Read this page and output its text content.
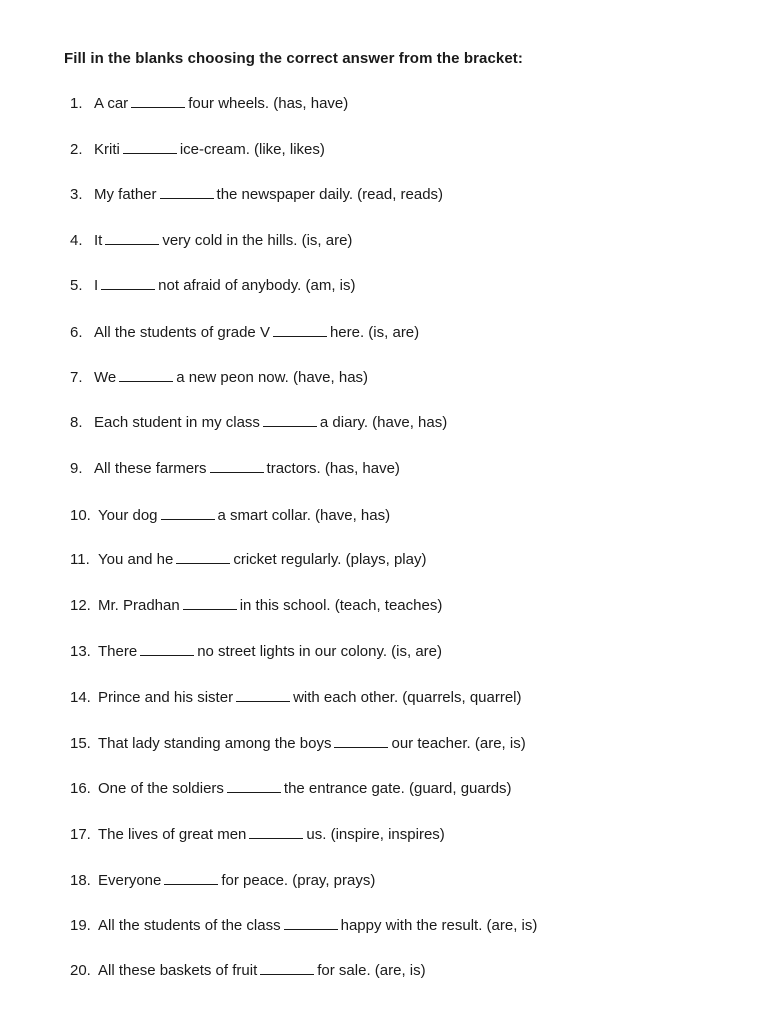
Fill in the blanks choosing the correct answer from the bracket:
1. A car	four wheels. (has, have)
2. Kriti	ice-cream. (like, likes)
3. My father	the newspaper daily. (read, reads)
4. It	very cold in the hills. (is, are)
5. I	not afraid of anybody. (am, is)
6. All the students of grade V	here. (is, are)
7. We	a new peon now. (have, has)
8. Each student in my class	a diary. (have, has)
9. All these farmers	tractors. (has, have)
10. Your dog	a smart collar. (have, has)
11. You and he	cricket regularly. (plays, play)
12. Mr. Pradhan	in this school. (teach, teaches)
13. There	no street lights in our colony. (is, are)
14. Prince and his sister	with each other. (quarrels, quarrel)
15. That lady standing among the boys	our teacher. (are, is)
16. One of the soldiers	the entrance gate. (guard, guards)
17. The lives of great men	us. (inspire, inspires)
18. Everyone	for peace. (pray, prays)
19. All the students of the class	happy with the result. (are, is)
20. All these baskets of fruit	for sale. (are, is)
